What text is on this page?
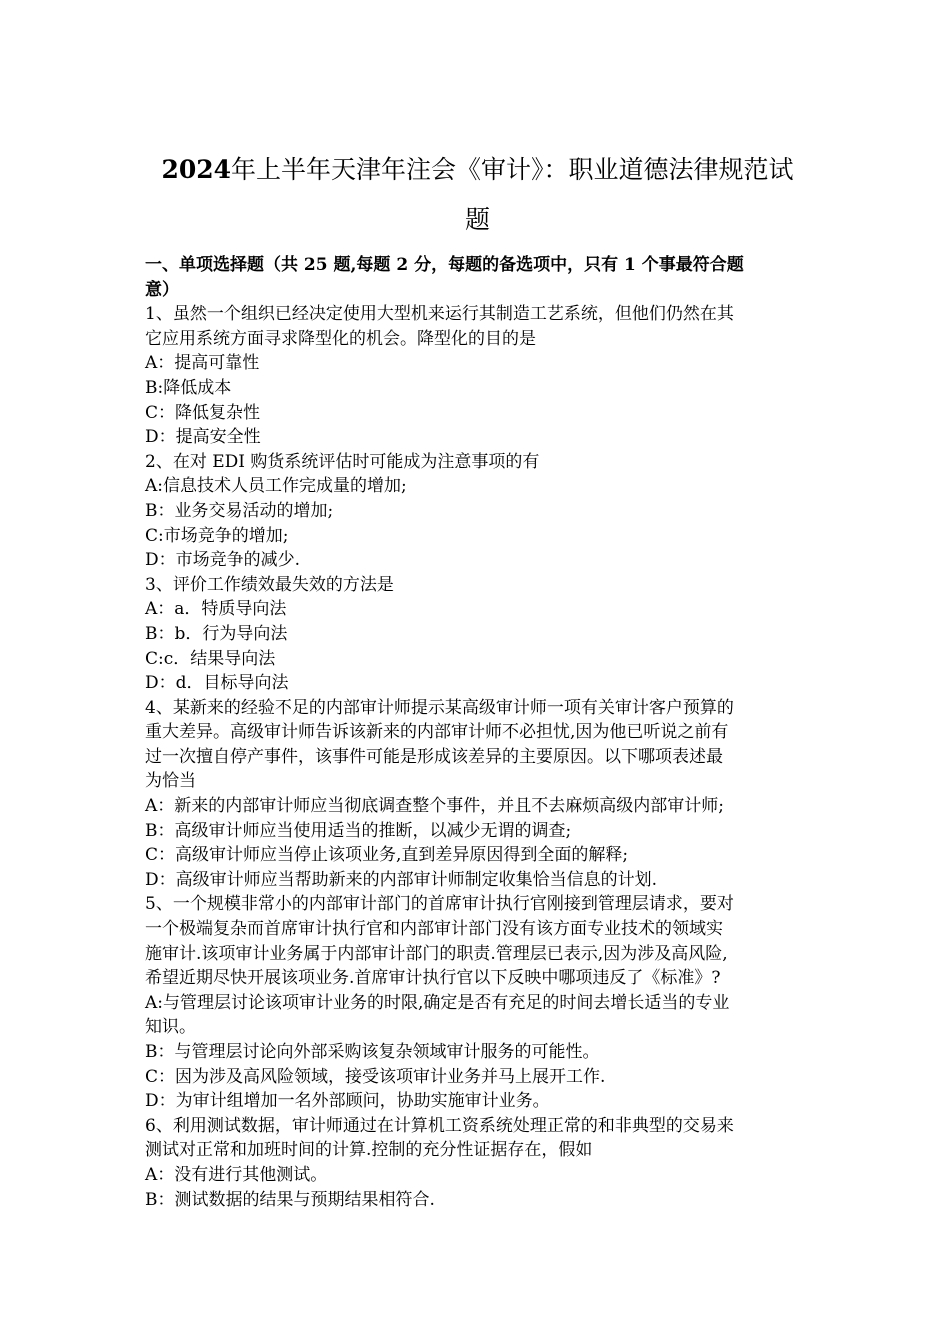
2024年上半年天津年注会《审计》：职业道德法律规范试
题
一、单项选择题（共 25 题,每题 2 分，每题的备选项中，只有 1 个事最符合题
意）
1、虽然一个组织已经决定使用大型机来运行其制造工艺系统，但他们仍然在其
它应用系统方面寻求降型化的机会。降型化的目的是
A：提高可靠性
B:降低成本
C：降低复杂性
D：提高安全性
2、在对 EDI 购货系统评估时可能成为注意事项的有
A:信息技术人员工作完成量的增加;
B：业务交易活动的增加;
C:市场竞争的增加;
D：市场竞争的减少.
3、评价工作绩效最失效的方法是
A：a．特质导向法
B：b．行为导向法
C:c．结果导向法
D：d．目标导向法
4、某新来的经验不足的内部审计师提示某高级审计师一项有关审计客户预算的
重大差异。高级审计师告诉该新来的内部审计师不必担忧,因为他已听说之前有
过一次擅自停产事件，该事件可能是形成该差异的主要原因。以下哪项表述最
为恰当
A：新来的内部审计师应当彻底调查整个事件，并且不去麻烦高级内部审计师;
B：高级审计师应当使用适当的推断，以减少无谓的调查;
C：高级审计师应当停止该项业务,直到差异原因得到全面的解释;
D：高级审计师应当帮助新来的内部审计师制定收集恰当信息的计划.
5、一个规模非常小的内部审计部门的首席审计执行官刚接到管理层请求，要对
一个极端复杂而首席审计执行官和内部审计部门没有该方面专业技术的领域实
施审计.该项审计业务属于内部审计部门的职责.管理层已表示,因为涉及高风险,
希望近期尽快开展该项业务.首席审计执行官以下反映中哪项违反了《标准》?
A:与管理层讨论该项审计业务的时限,确定是否有充足的时间去增长适当的专业
知识。
B：与管理层讨论向外部采购该复杂领域审计服务的可能性。
C：因为涉及高风险领域，接受该项审计业务并马上展开工作.
D：为审计组增加一名外部顾问，协助实施审计业务。
6、利用测试数据，审计师通过在计算机工资系统处理正常的和非典型的交易来
测试对正常和加班时间的计算.控制的充分性证据存在，假如
A：没有进行其他测试。
B：测试数据的结果与预期结果相符合.
